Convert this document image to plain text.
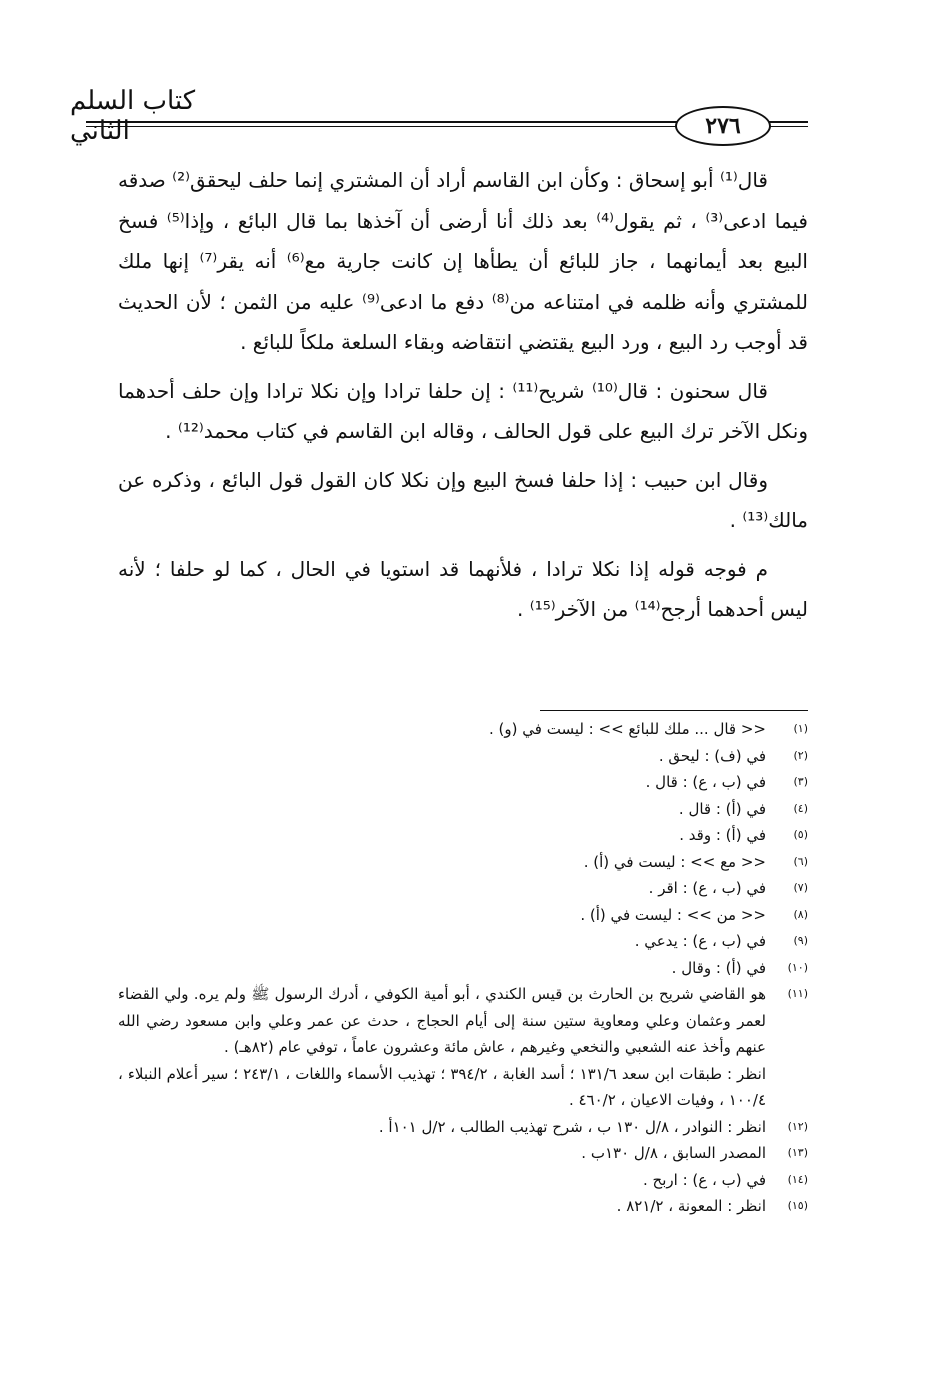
كتاب السلم الثاني	٢٧٦

قال⁽¹⁾ أبو إسحاق : وكأن ابن القاسم أراد أن المشتري إنما حلف ليحقق⁽²⁾ صدقه فيما ادعى⁽³⁾ ، ثم يقول⁽⁴⁾ بعد ذلك أنا أرضى أن آخذها بما قال البائع ، وإذا⁽⁵⁾ فسخ البيع بعد أيمانهما ، جاز للبائع أن يطأها إن كانت جارية مع⁽⁶⁾ أنه يقر⁽⁷⁾ إنها ملك للمشتري وأنه ظلمه في امتناعه من⁽⁸⁾ دفع ما ادعى⁽⁹⁾ عليه من الثمن ؛ لأن الحديث قد أوجب رد البيع ، ورد البيع يقتضي انتقاضه وبقاء السلعة ملكاً للبائع .

قال سحنون : قال⁽¹⁰⁾ شريح⁽¹¹⁾ : إن حلفا ترادا وإن نكلا ترادا وإن حلف أحدهما ونكل الآخر ترك البيع على قول الحالف ، وقاله ابن القاسم في كتاب محمد⁽¹²⁾ .

وقال ابن حبيب : إذا حلفا فسخ البيع وإن نكلا كان القول قول البائع ، وذكره عن مالك⁽¹³⁾ .

م فوجه قوله إذا نكلا ترادا ، فلأنهما قد استويا في الحال ، كما لو حلفا ؛ لأنه ليس أحدهما أرجح⁽¹⁴⁾ من الآخر⁽¹⁵⁾ .

(١)
<< قال ... ملك للبائع >> : ليست في (و) .
(٢)
في (ف) : ليحق .
(٣)
في (ب ، ع) : قال .
(٤)
في (أ) : قال .
(٥)
في (أ) : وقد .
(٦)
<< مع >> : ليست في (أ) .
(٧)
في (ب ، ع) : اقر .
(٨)
<< من >> : ليست في (أ) .
(٩)
في (ب ، ع) : يدعي .
(١٠)
في (أ) : وقال .
(١١)
هو القاضي شريح بن الحارث بن قيس الكندي ، أبو أمية الكوفي ، أدرك الرسول ﷺ ولم يره. ولي القضاء لعمر وعثمان وعلي ومعاوية ستين سنة إلى أيام الحجاج ، حدث عن عمر وعلي وابن مسعود رضي الله عنهم وأخذ عنه الشعبي والنخعي وغيرهم ، عاش مائة وعشرون عاماً ، توفي عام (٨٢هـ) .
انظر : طبقات ابن سعد ١٣١/٦ ؛ أسد الغابة ، ٣٩٤/٢ ؛ تهذيب الأسماء واللغات ، ٢٤٣/١ ؛ سير أعلام النبلاء ، ١٠٠/٤ ، وفيات الاعيان ، ٤٦٠/٢ .
(١٢)
انظر : النوادر ، ٨/ل ١٣٠ ب ، شرح تهذيب الطالب ، ٢/ل ١٠١أ .
(١٣)
المصدر السابق ، ٨/ل ١٣٠ب .
(١٤)
في (ب ، ع) : اربح .
(١٥)
انظر : المعونة ، ٨٢١/٢ .
